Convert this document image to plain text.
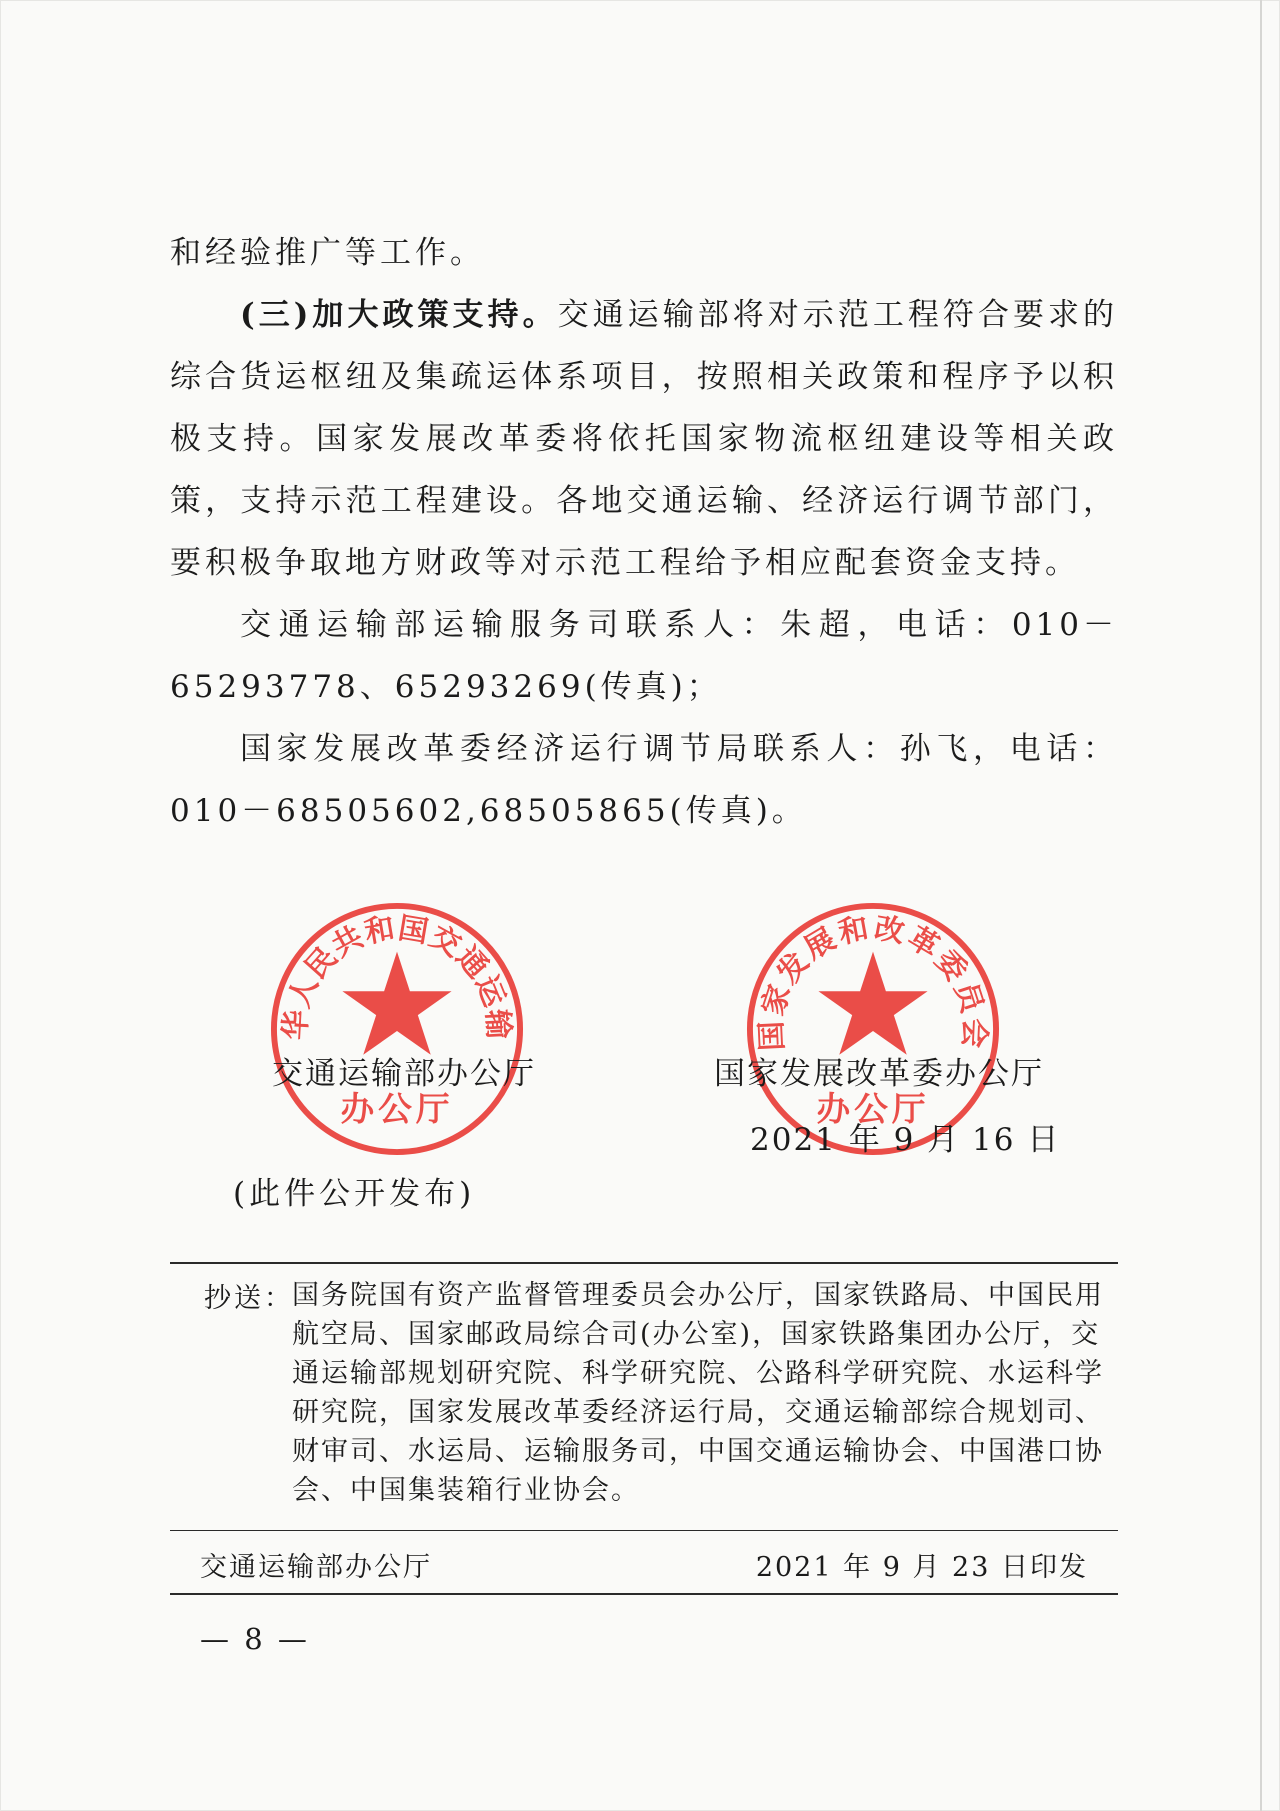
和经验推广等工作。

(三)加大政策支持。交通运输部将对示范工程符合要求的综合货运枢纽及集疏运体系项目，按照相关政策和程序予以积极支持。国家发展改革委将依托国家物流枢纽建设等相关政策，支持示范工程建设。各地交通运输、经济运行调节部门，要积极争取地方财政等对示范工程给予相应配套资金支持。

交通运输部运输服务司联系人：朱超，电话：010－65293778、65293269(传真)；

国家发展改革委经济运行调节局联系人：孙飞，电话：010－68505602,68505865(传真)。

华人民共和国交通运输
办公厅
交通运输部办公厅
国家发展和改革委员会
办公厅
国家发展改革委办公厅
2021 年 9 月 16 日
(此件公开发布)
抄送：
国务院国有资产监督管理委员会办公厅，国家铁路局、中国民用航空局、国家邮政局综合司(办公室)，国家铁路集团办公厅，交通运输部规划研究院、科学研究院、公路科学研究院、水运科学研究院，国家发展改革委经济运行局，交通运输部综合规划司、财审司、水运局、运输服务司，中国交通运输协会、中国港口协会、中国集装箱行业协会。
交通运输部办公厅	2021 年 9 月 23 日印发
— 8 —
